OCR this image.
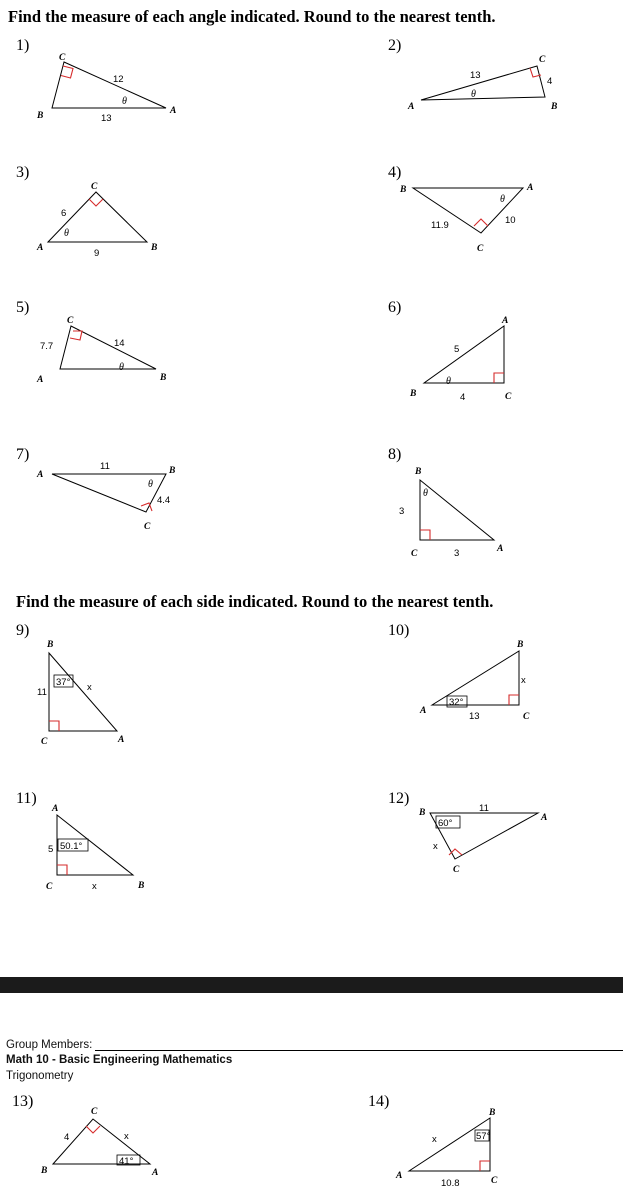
Find the measure of each angle indicated. Round to the nearest tenth.
Find the measure of each side indicated. Round to the nearest tenth.
1)	2)
3)	4)
5)	6)
7)	8)
9)	10)
11)	12)
13)	14)
C
B	A
θ
12
13
C
A	B
θ
13
4
C
A	B
θ
6
9
B	A
C
θ
11.9	10
C
A	B
θ
7.7	14
A
B	C
θ
5
4
A	B
C
θ
11
4.4
B
C	A
θ
3
3
B
C	A
37°
11	x
B
A
C
32°
x
13
A
C	B
50.1°
5
x
B	A
C
60°
11
x
C
B	A
41°
4	x
B
A	C
57°
x
10.8
Group Members:
Math 10 - Basic Engineering Mathematics
Trigonometry
